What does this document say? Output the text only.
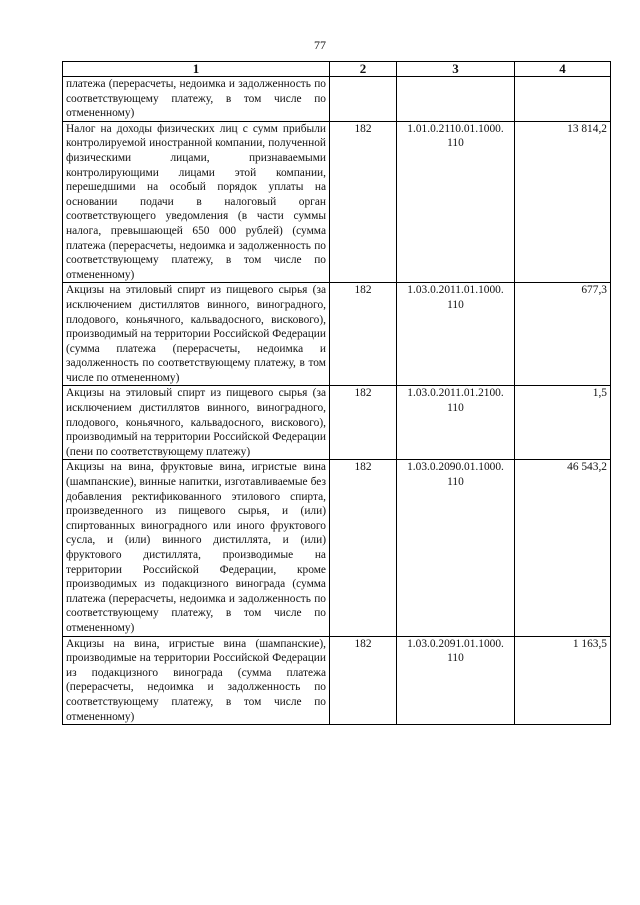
77
1	2	3	4
платежа (перерасчеты, недоимка и задолженность по соответствующему платежу, в том числе по отмененному)			
Налог на доходы физических лиц с сумм прибыли контролируемой иностранной компании, полученной физическими лицами, признаваемыми контролирующими лицами этой компании, перешедшими на особый порядок уплаты на основании подачи в налоговый орган соответствующего уведомления (в части суммы налога, превышающей 650 000 рублей) (сумма платежа (перерасчеты, недоимка и задолженность по соответствующему платежу, в том числе по отмененному)	182	1.01.0.2110.01.1000. 110	13 814,2
Акцизы на этиловый спирт из пищевого сырья (за исключением дистиллятов винного, виноградного, плодового, коньячного, кальвадосного, вискового), производимый на территории Российской Федерации (сумма платежа (перерасчеты, недоимка и задолженность по соответствующему платежу, в том числе по отмененному)	182	1.03.0.2011.01.1000. 110	677,3
Акцизы на этиловый спирт из пищевого сырья (за исключением дистиллятов винного, виноградного, плодового, коньячного, кальвадосного, вискового), производимый на территории Российской Федерации (пени по соответствующему платежу)	182	1.03.0.2011.01.2100. 110	1,5
Акцизы на вина, фруктовые вина, игристые вина (шампанские), винные напитки, изготавливаемые без добавления ректификованного этилового спирта, произведенного из пищевого сырья, и (или) спиртованных виноградного или иного фруктового сусла, и (или) винного дистиллята, и (или) фруктового дистиллята, производимые на территории Российской Федерации, кроме производимых из подакцизного винограда (сумма платежа (перерасчеты, недоимка и задолженность по соответствующему платежу, в том числе по отмененному)	182	1.03.0.2090.01.1000. 110	46 543,2
Акцизы на вина, игристые вина (шампанские), производимые на территории Российской Федерации из подакцизного винограда (сумма платежа (перерасчеты, недоимка и задолженность по соответствующему платежу, в том числе по отмененному)	182	1.03.0.2091.01.1000. 110	1 163,5
